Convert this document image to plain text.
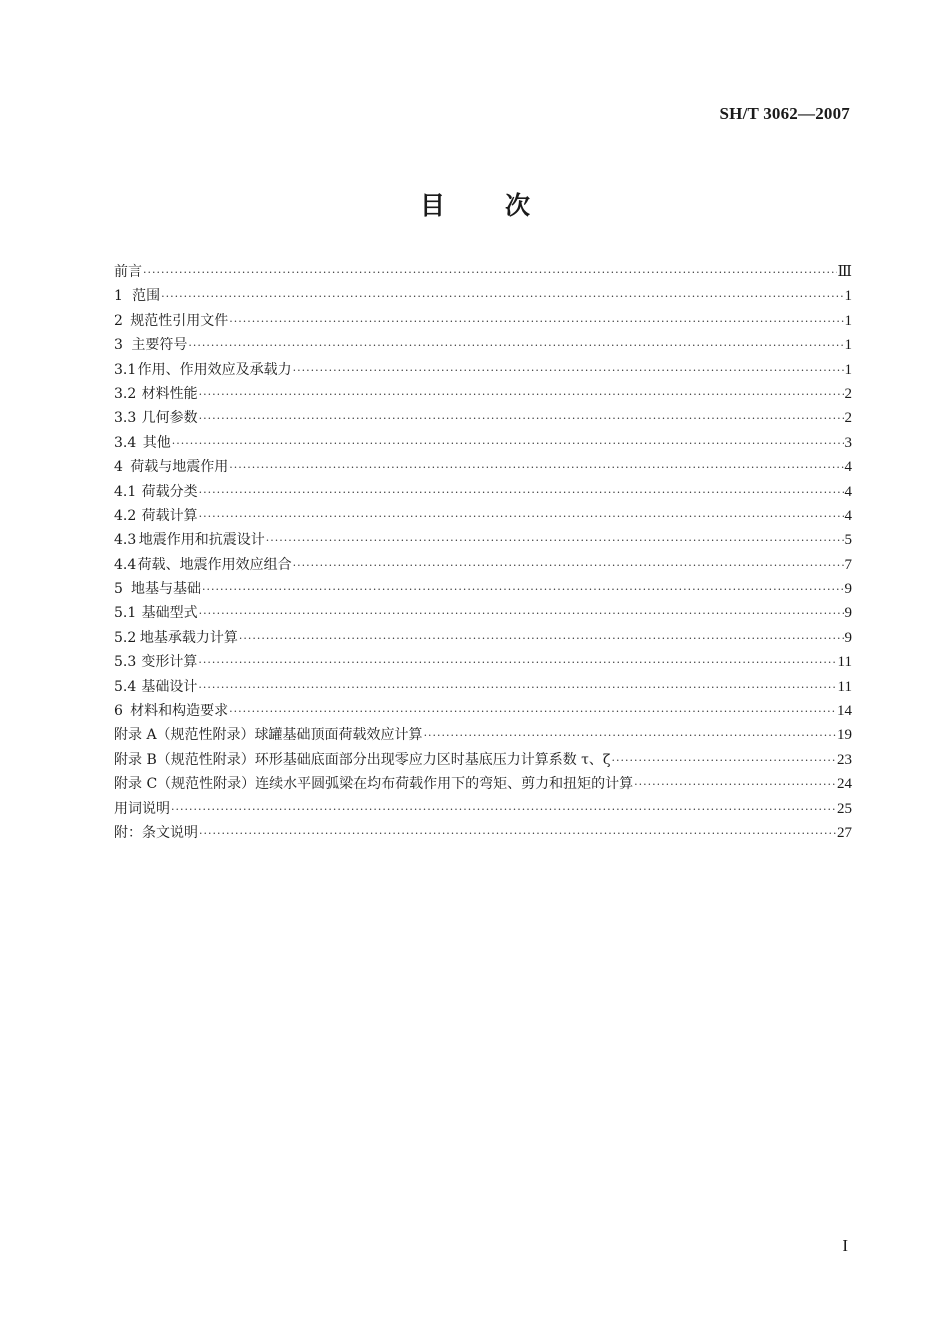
SH/T 3062—2007
目 次
前言 ·····	Ⅲ
1 范围 ·····	1
2 规范性引用文件 ·····	1
3 主要符号 ·····	1
3.1 作用、作用效应及承载力 ·····	1
3.2 材料性能 ·····	2
3.3 几何参数 ·····	2
3.4 其他 ·····	3
4 荷载与地震作用 ·····	4
4.1 荷载分类 ·····	4
4.2 荷载计算 ·····	4
4.3 地震作用和抗震设计 ·····	5
4.4 荷载、地震作用效应组合 ·····	7
5 地基与基础 ·····	9
5.1 基础型式 ·····	9
5.2 地基承载力计算 ·····	9
5.3 变形计算 ·····	11
5.4 基础设计 ·····	11
6 材料和构造要求 ·····	14
附录 A（规范性附录）球罐基础顶面荷载效应计算 ·····	19
附录 B（规范性附录）环形基础底面部分出现零应力区时基底压力计算系数 τ、ζ ·····	23
附录 C（规范性附录）连续水平圆弧梁在均布荷载作用下的弯矩、剪力和扭矩的计算 ·····	24
用词说明 ·····	25
附：条文说明 ·····	27
I
